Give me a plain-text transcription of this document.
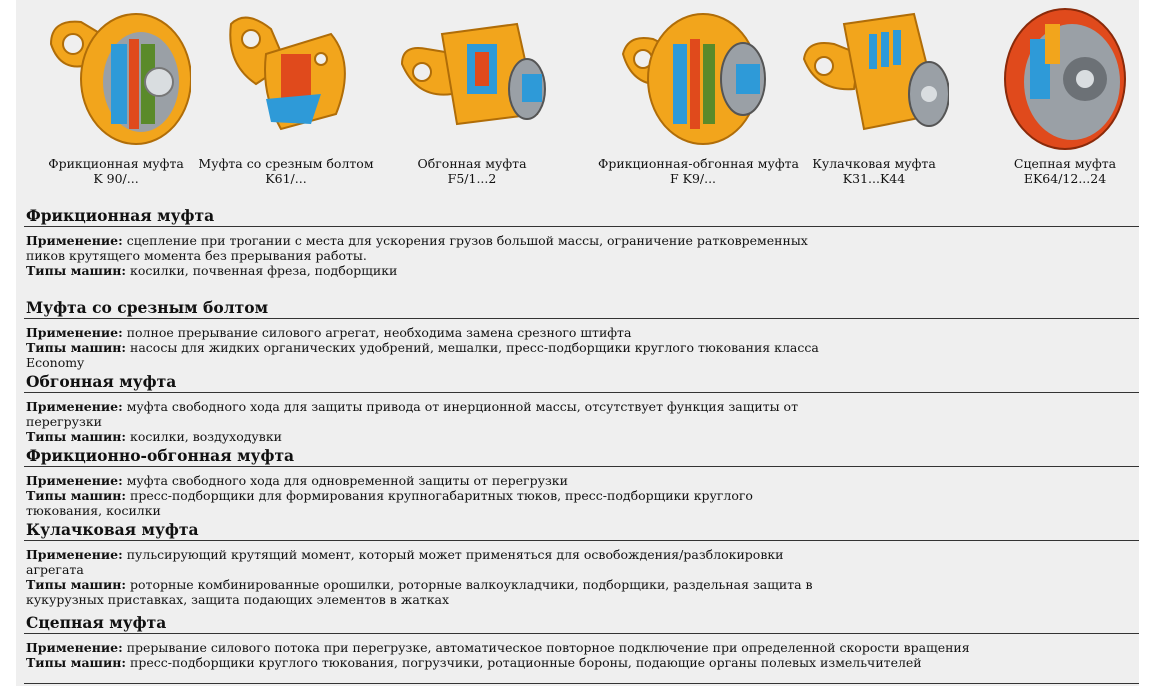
Фрикционная муфта
K 90/...
Муфта со срезным болтом
K61/...
Обгонная муфта
F5/1...2
Фрикционная-обгонная муфта
F K9/...
Кулачковая муфта
K31...K44
Сцепная муфта
EK64/12...24
Фрикционная муфта

Применение: сцепление при трогании с места для ускорения грузов большой массы, ограничение ратковременных пиков крутящего момента без прерывания работы.
Типы машин: косилки, почвенная фреза, подборщики

Муфта со срезным болтом

Применение: полное прерывание силового агрегат, необходима замена срезного штифта
Типы машин: насосы для жидких органических удобрений, мешалки, пресс-подборщики круглого тюкования класса Economy

Обгонная муфта

Применение: муфта свободного хода для защиты привода от инерционной массы, отсутствует функция защиты от перегрузки
Типы машин: косилки, воздуходувки

Фрикционно-обгонная муфта

Применение: муфта свободного хода для одновременной защиты от перегрузки
Типы машин: пресс-подборщики для формирования крупногабаритных тюков, пресс-подборщики круглого тюкования, косилки

Кулачковая муфта

Применение: пульсирующий крутящий момент, который может применяться для освобождения/разблокировки агрегата
Типы машин: роторные комбинированные орошилки, роторные валкоукладчики, подборщики, раздельная защита в кукурузных приставках, защита подающих элементов в жатках

Сцепная муфта

Применение: прерывание силового потока при перегрузке, автоматическое повторное подключение при определенной скорости вращения
Типы машин: пресс-подборщики круглого тюкования, погрузчики, ротационные бороны, подающие органы полевых измельчителей
